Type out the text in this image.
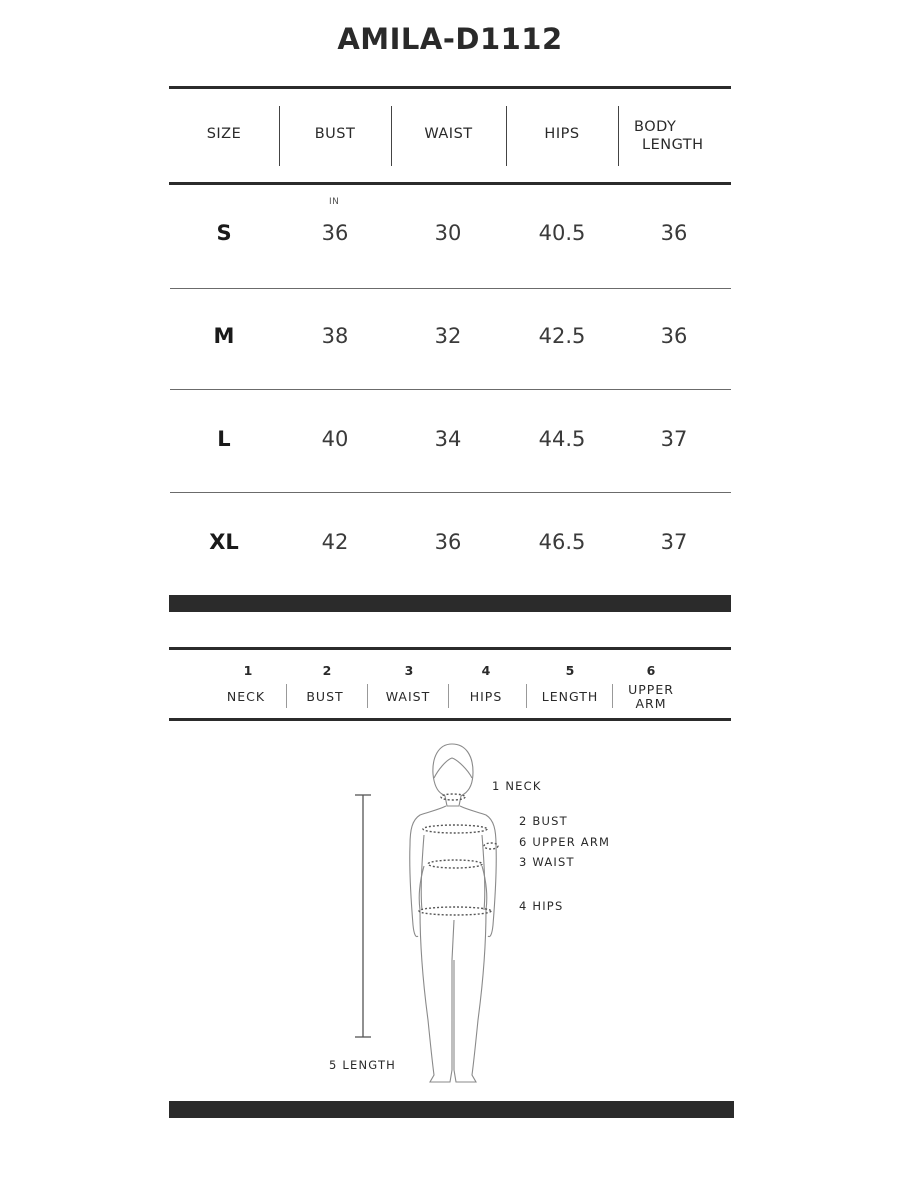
AMILA-D1112
SIZE	BUST	WAIST	HIPS	BODY
LENGTH
IN
S	36	30	40.5	36
M	38	32	42.5	36
L	40	34	44.5	37
XL	42	36	46.5	37
1
NECK
2
BUST
3
WAIST
4
HIPS
5
LENGTH
6
UPPER
ARM
1 NECK
2 BUST
6 UPPER ARM
3 WAIST
4 HIPS
5 LENGTH
